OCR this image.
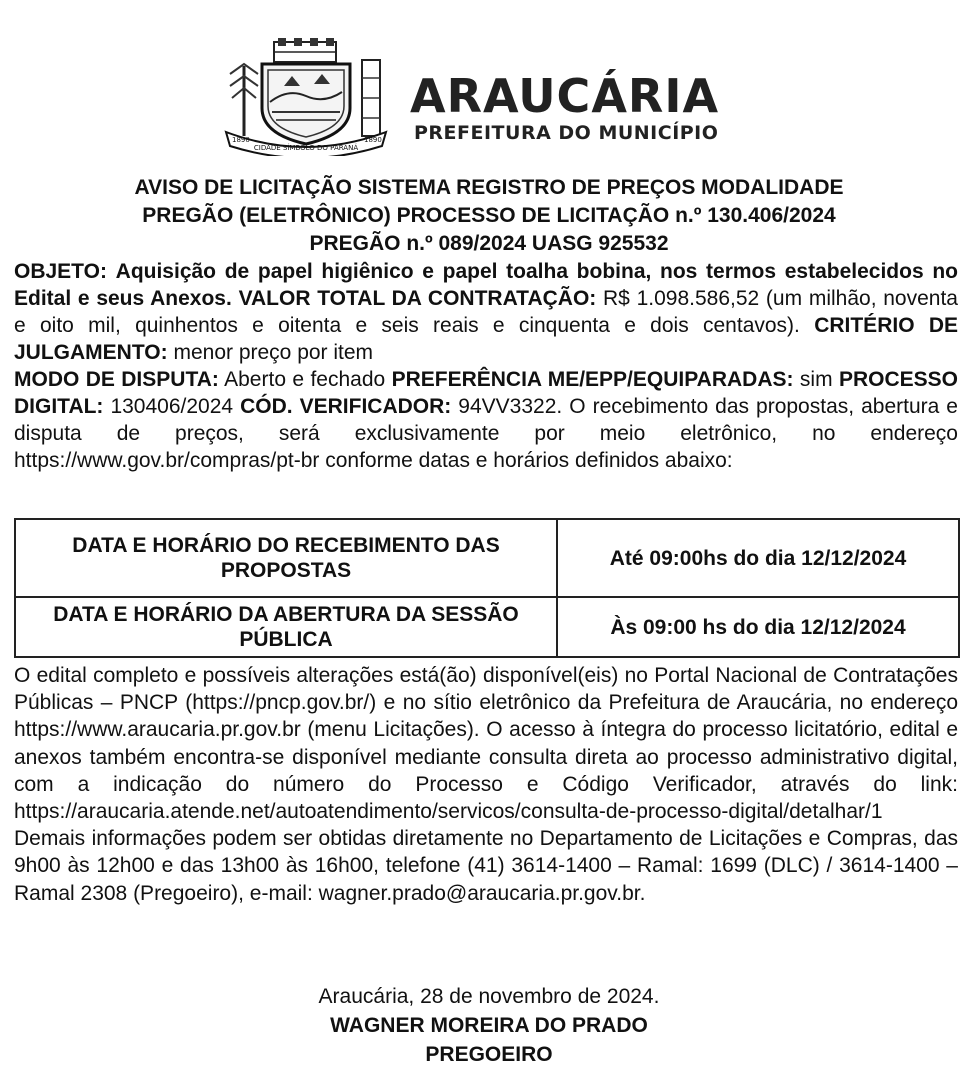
1890	1890
CIDADE SÍMBOLO DO PARANÁ
ARAUCÁRIA
PREFEITURA DO MUNICÍPIO
AVISO DE LICITAÇÃO SISTEMA REGISTRO DE PREÇOS MODALIDADE
PREGÃO (ELETRÔNICO) PROCESSO DE LICITAÇÃO n.º 130.406/2024
PREGÃO n.º 089/2024 UASG 925532
OBJETO: Aquisição de papel higiênico e papel toalha bobina, nos termos estabelecidos no Edital e seus Anexos. VALOR TOTAL DA CONTRATAÇÃO: R$ 1.098.586,52 (um milhão, noventa e oito mil, quinhentos e oitenta e seis reais e cinquenta e dois centavos). CRITÉRIO DE JULGAMENTO: menor preço por item
MODO DE DISPUTA: Aberto e fechado PREFERÊNCIA ME/EPP/EQUIPARADAS: sim PROCESSO DIGITAL: 130406/2024 CÓD. VERIFICADOR: 94VV3322. O recebimento das propostas, abertura e disputa de preços, será exclusivamente por meio eletrônico, no endereço https://www.gov.br/compras/pt-br conforme datas e horários definidos abaixo:
DATA E HORÁRIO DO RECEBIMENTO DAS PROPOSTAS	Até 09:00hs do dia 12/12/2024
DATA E HORÁRIO DA ABERTURA DA SESSÃO PÚBLICA	Às 09:00 hs do dia 12/12/2024
O edital completo e possíveis alterações está(ão) disponível(eis) no Portal Nacional de Contratações Públicas – PNCP (https://pncp.gov.br/) e no sítio eletrônico da Prefeitura de Araucária, no endereço https://www.araucaria.pr.gov.br (menu Licitações). O acesso à íntegra do processo licitatório, edital e anexos também encontra-se disponível mediante consulta direta ao processo administrativo digital, com a indicação do número do Processo e Código Verificador, através do link: https://araucaria.atende.net/autoatendimento/servicos/consulta-de-processo-digital/detalhar/1 Demais informações podem ser obtidas diretamente no Departamento de Licitações e Compras, das 9h00 às 12h00 e das 13h00 às 16h00, telefone (41) 3614-1400 – Ramal: 1699 (DLC) / 3614-1400 – Ramal 2308 (Pregoeiro), e-mail: wagner.prado@araucaria.pr.gov.br.
Araucária, 28 de novembro de 2024.
WAGNER MOREIRA DO PRADO
PREGOEIRO
